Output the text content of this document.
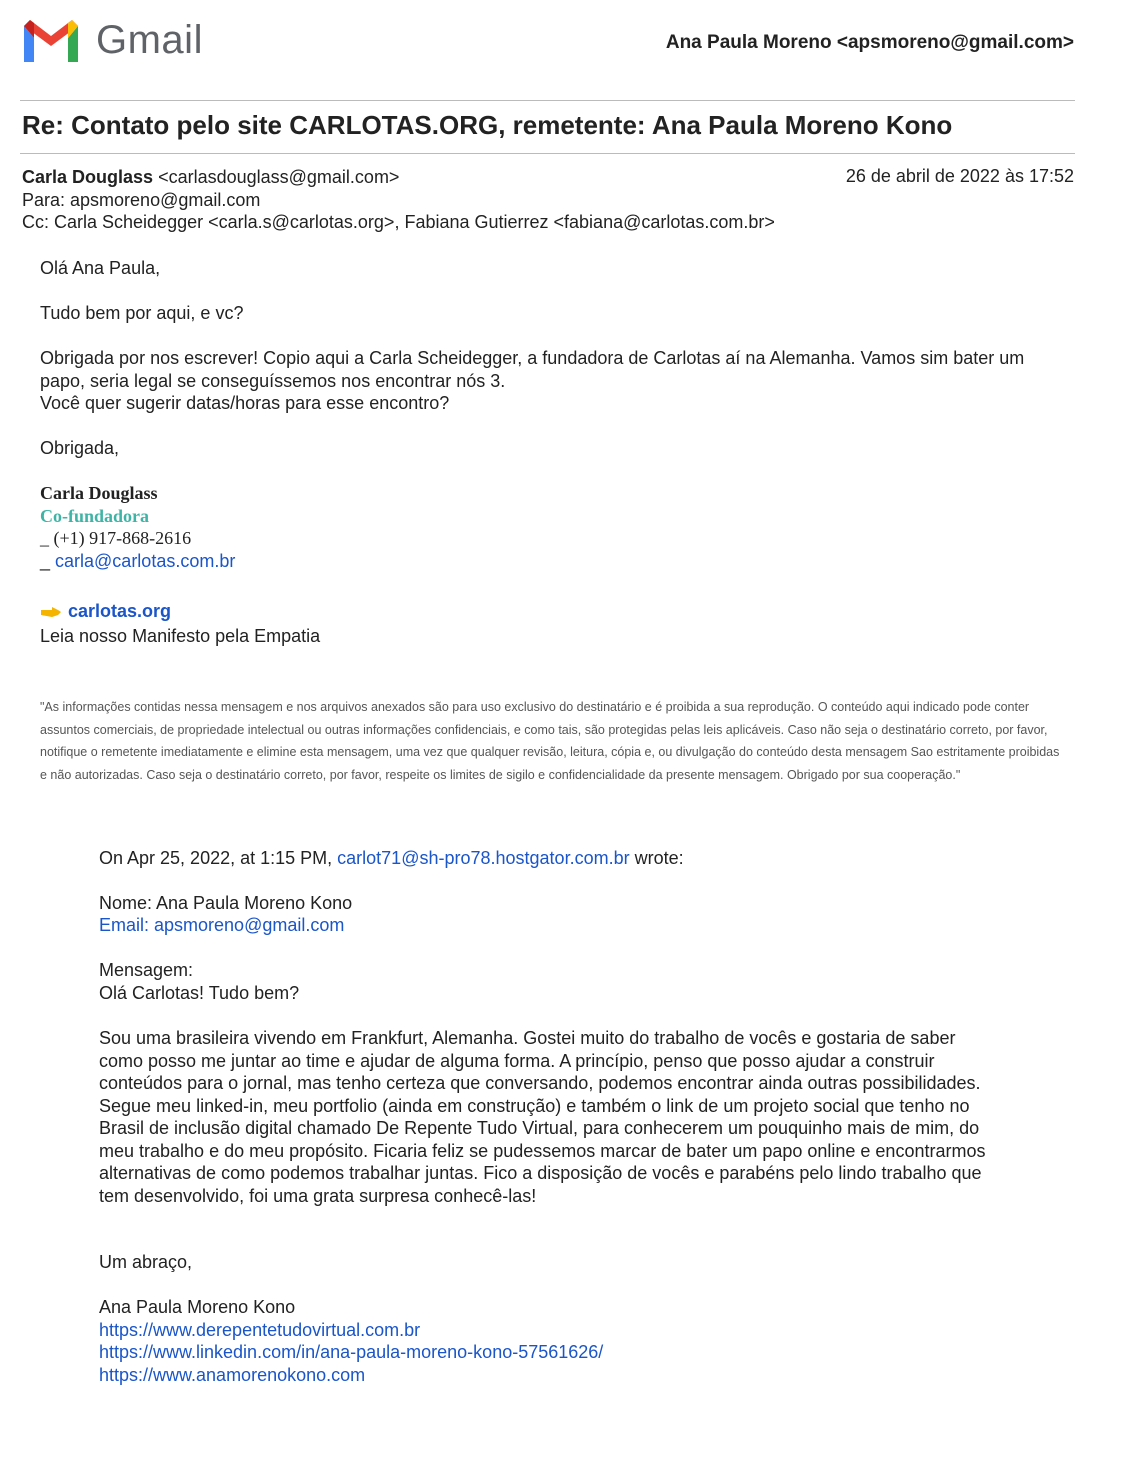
Gmail	Ana Paula Moreno <apsmoreno@gmail.com>
Re: Contato pelo site CARLOTAS.ORG, remetente: Ana Paula Moreno Kono
Carla Douglass <carlasdouglass@gmail.com>	26 de abril de 2022 às 17:52
Para: apsmoreno@gmail.com
Cc: Carla Scheidegger <carla.s@carlotas.org>, Fabiana Gutierrez <fabiana@carlotas.com.br>
Olá Ana Paula,
Tudo bem por aqui, e vc?
Obrigada por nos escrever! Copio aqui a Carla Scheidegger, a fundadora de Carlotas aí na Alemanha. Vamos sim bater um papo, seria legal se conseguíssemos nos encontrar nós 3.
Você quer sugerir datas/horas para esse encontro?
Obrigada,
Carla Douglass
Co-fundadora
_ (+1) 917-868-2616
_ carla@carlotas.com.br
carlotas.org
Leia nosso Manifesto pela Empatia
"As informações contidas nessa mensagem e nos arquivos anexados são para uso exclusivo do destinatário e é proibida a sua reprodução. O conteúdo aqui indicado pode conter assuntos comerciais, de propriedade intelectual ou outras informações confidenciais, e como tais, são protegidas pelas leis aplicáveis. Caso não seja o destinatário correto, por favor, notifique o remetente imediatamente e elimine esta mensagem, uma vez que qualquer revisão, leitura, cópia e, ou divulgação do conteúdo desta mensagem Sao estritamente proibidas e não autorizadas. Caso seja o destinatário correto, por favor, respeite os limites de sigilo e confidencialidade da presente mensagem. Obrigado por sua cooperação."
On Apr 25, 2022, at 1:15 PM, carlot71@sh-pro78.hostgator.com.br wrote:
Nome: Ana Paula Moreno Kono
Email: apsmoreno@gmail.com
Mensagem:
Olá Carlotas! Tudo bem?
Sou uma brasileira vivendo em Frankfurt, Alemanha. Gostei muito do trabalho de vocês e gostaria de saber como posso me juntar ao time e ajudar de alguma forma. A princípio, penso que posso ajudar a construir conteúdos para o jornal, mas tenho certeza que conversando, podemos encontrar ainda outras possibilidades. Segue meu linked-in, meu portfolio (ainda em construção) e também o link de um projeto social que tenho no Brasil de inclusão digital chamado De Repente Tudo Virtual, para conhecerem um pouquinho mais de mim, do meu trabalho e do meu propósito. Ficaria feliz se pudessemos marcar de bater um papo online e encontrarmos alternativas de como podemos trabalhar juntas. Fico a disposição de vocês e parabéns pelo lindo trabalho que tem desenvolvido, foi uma grata surpresa conhecê-las!
Um abraço,
Ana Paula Moreno Kono
https://www.derepentetudovirtual.com.br
https://www.linkedin.com/in/ana-paula-moreno-kono-57561626/
https://www.anamorenokono.com
